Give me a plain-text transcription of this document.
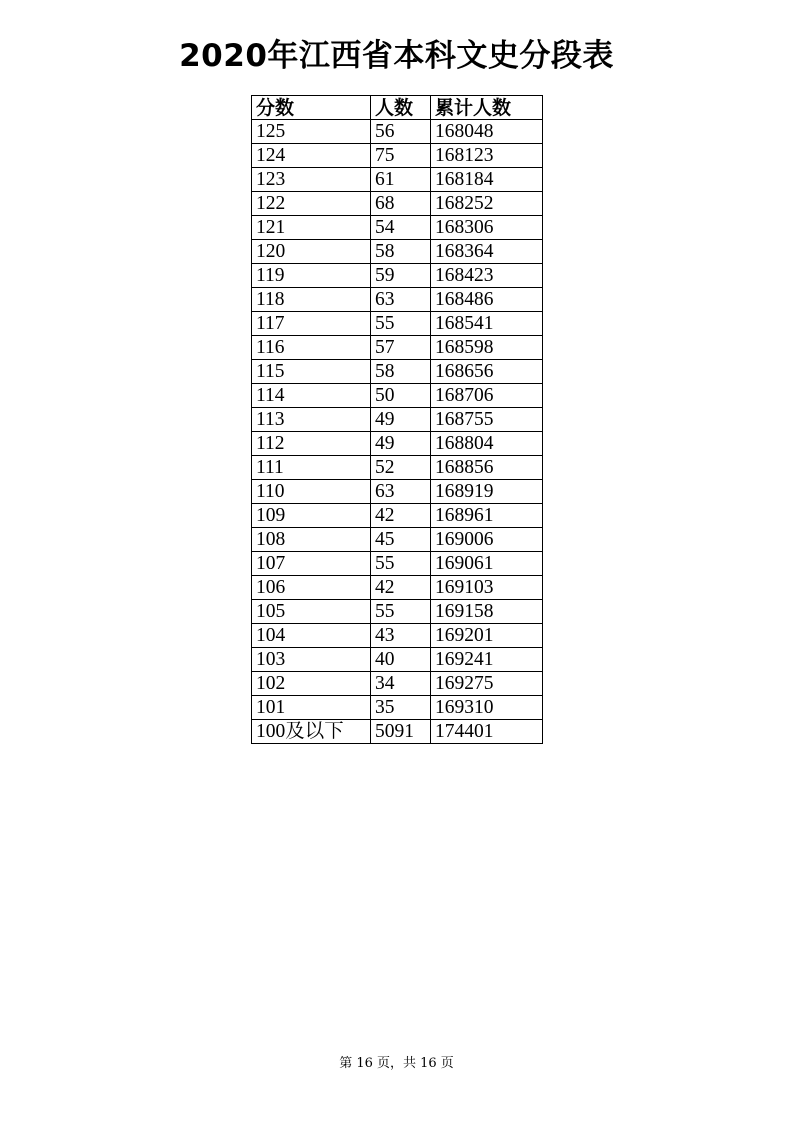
2020年江西省本科文史分段表
分数	人数	累计人数
125	56	168048
124	75	168123
123	61	168184
122	68	168252
121	54	168306
120	58	168364
119	59	168423
118	63	168486
117	55	168541
116	57	168598
115	58	168656
114	50	168706
113	49	168755
112	49	168804
111	52	168856
110	63	168919
109	42	168961
108	45	169006
107	55	169061
106	42	169103
105	55	169158
104	43	169201
103	40	169241
102	34	169275
101	35	169310
100及以下	5091	174401
第 16 页，共 16 页
